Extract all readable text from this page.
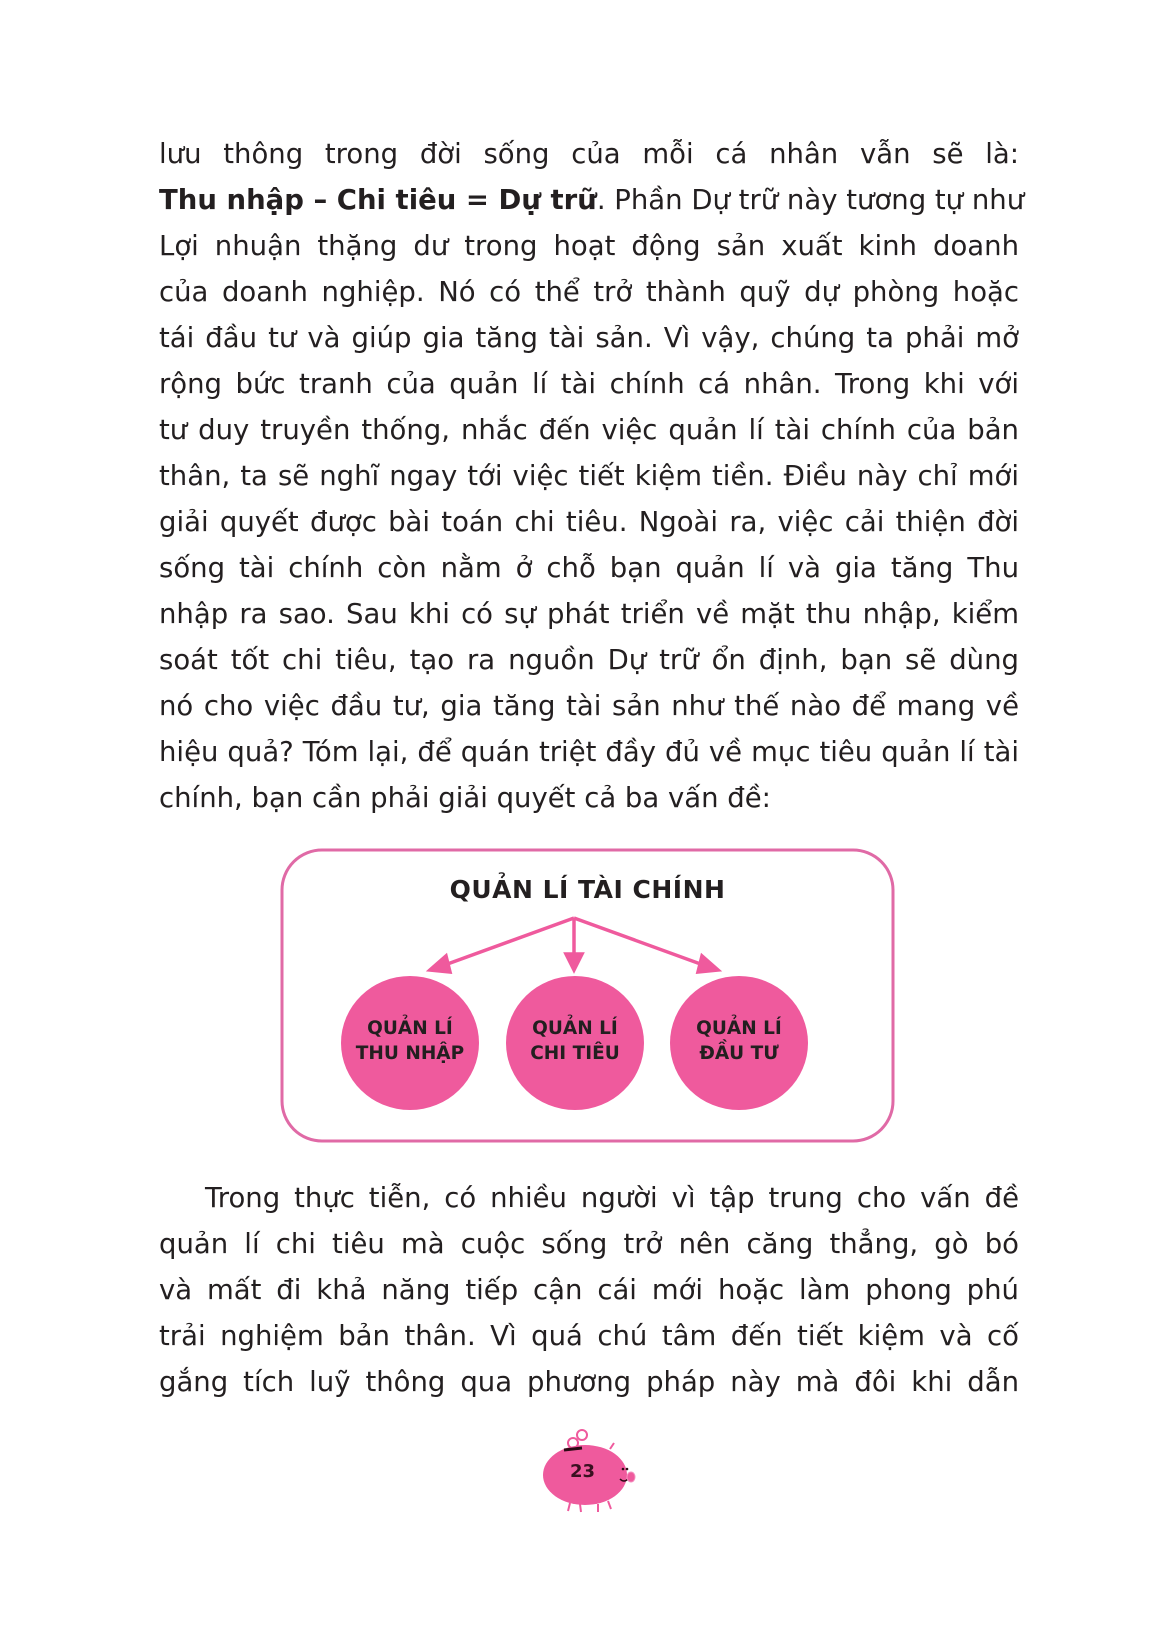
lưu thông trong đời sống của mỗi cá nhân vẫn sẽ là:
Thu nhập – Chi tiêu = Dự trữ. Phần Dự trữ này tương tự như
Lợi nhuận thặng dư trong hoạt động sản xuất kinh doanh
của doanh nghiệp. Nó có thể trở thành quỹ dự phòng hoặc
tái đầu tư và giúp gia tăng tài sản. Vì vậy, chúng ta phải mở
rộng bức tranh của quản lí tài chính cá nhân. Trong khi với
tư duy truyền thống, nhắc đến việc quản lí tài chính của bản
thân, ta sẽ nghĩ ngay tới việc tiết kiệm tiền. Điều này chỉ mới
giải quyết được bài toán chi tiêu. Ngoài ra, việc cải thiện đời
sống tài chính còn nằm ở chỗ bạn quản lí và gia tăng Thu
nhập ra sao. Sau khi có sự phát triển về mặt thu nhập, kiểm
soát tốt chi tiêu, tạo ra nguồn Dự trữ ổn định, bạn sẽ dùng
nó cho việc đầu tư, gia tăng tài sản như thế nào để mang về
hiệu quả? Tóm lại, để quán triệt đầy đủ về mục tiêu quản lí tài
chính, bạn cần phải giải quyết cả ba vấn đề:
QUẢN LÍ TÀI CHÍNH
QUẢN LÍ
THU NHẬP
QUẢN LÍ
CHI TIÊU
QUẢN LÍ
ĐẦU TƯ
Trong thực tiễn, có nhiều người vì tập trung cho vấn đề
quản lí chi tiêu mà cuộc sống trở nên căng thẳng, gò bó
và mất đi khả năng tiếp cận cái mới hoặc làm phong phú
trải nghiệm bản thân. Vì quá chú tâm đến tiết kiệm và cố
gắng tích luỹ thông qua phương pháp này mà đôi khi dẫn
23
